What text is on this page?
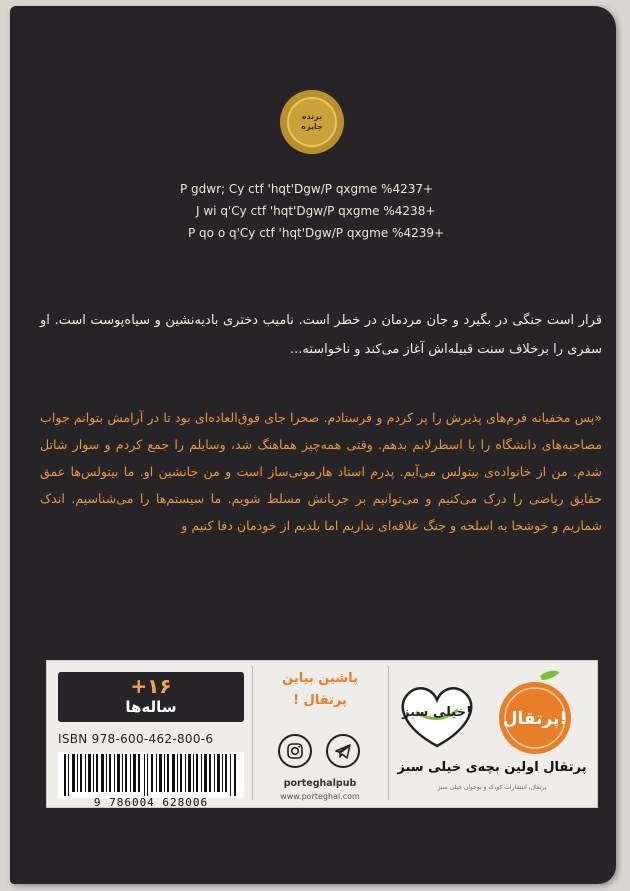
برنده
جایزه
P gdwr; Cy ctf 'hqt'Dgw/P qxgme %4237+
J wi q'Cy ctf 'hqt'Dgw/P qxgme %4238+
P qo o q'Cy ctf 'hqt'Dgw/P qxgme %4239+
قرار است جنگی در بگیرد و جان مردمان در خطر است. نامیب دختری بادیه‌نشین و سیاه‌پوست است. او سفری را برخلاف سنت قبیله‌اش آغاز می‌کند و ناخواسته...
«پس مخفیانه فرم‌های پذیرش را پر کردم و فرستادم. صحرا جای فوق‌العاده‌ای بود تا در آرامش بتوانم جواب مصاحبه‌های دانشگاه را با اسطرلابم بدهم. وقتی همه‌چیز هماهنگ شد، وسایلم را جمع کردم و سوار شاتل شدم. من از خانواده‌ی بیتولس می‌آیم. پدرم استاد هارمونی‌ساز است و من جانشین او. ما بیتولس‌ها عمق حقایق ریاضی را درک می‌کنیم و می‌توانیم بر جریانش مسلط شویم. ما سیستم‌ها را می‌شناسیم. اندک شماریم و خوشحا به اسلحه و جنگ علاقه‌ای نداریم اما بلدیم از خودمان دفا کنیم و
+۱۶
ساله‌ها
ISBN 978-600-462-800-6
9 786004 628006
پاشین بیاین
پرتقال !
porteghalpub
www.porteghal.com
خیلی سبز! پرتقال!
پرتقال اولین بچه‌ی خیلی سبز
پرتقال، انتشارات کودک و نوجوان خیلی سبز
